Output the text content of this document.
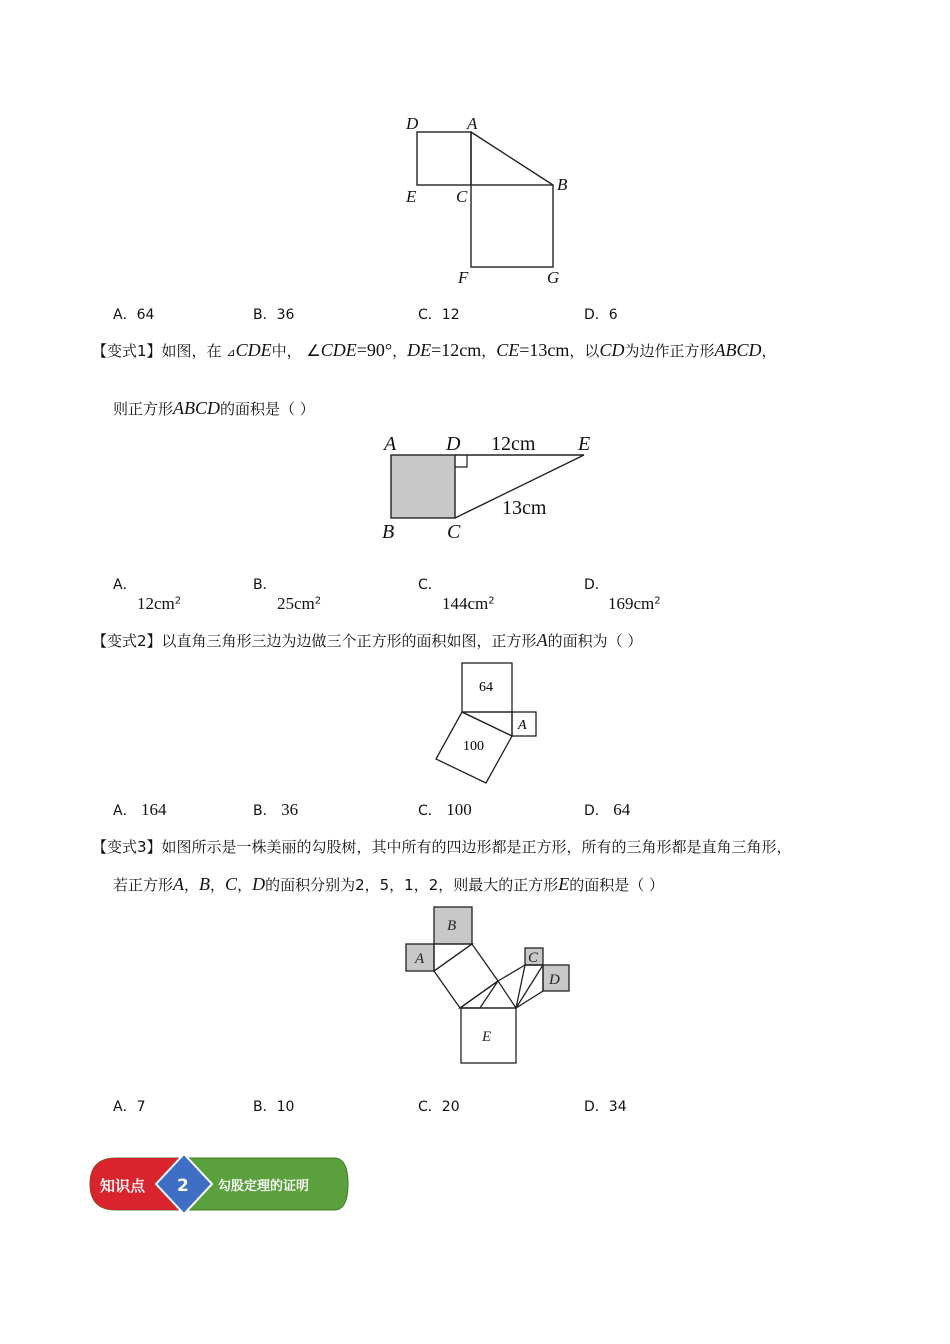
D	A
B
E C
F	G
A．64	B．36	C．12	D．6
【变式1】如图，在 ⊿CDE中， ∠CDE=90°，DE=12cm，CE=13cm，以CD为边作正方形ABCD，
则正方形ABCD的面积是（ ）
A D 12cm E
13cm
B	C
A．
$12cm^2$
B．
$25cm^2$
C．
$144cm^2$
D．
$169cm^2$
【变式2】以直角三角形三边为边做三个正方形的面积如图，正方形A的面积为（ ）
64
100
A
A． 164	B． 36	C． 100	D． 64
【变式3】如图所示是一株美丽的勾股树，其中所有的四边形都是正方形，所有的三角形都是直角三角形，
若正方形A，B，C，D的面积分别为2，5，1，2，则最大的正方形E的面积是（ ）
B
A	C
D
E
A．7	B．10	C．20	D．34
知识点 2 勾股定理的证明
